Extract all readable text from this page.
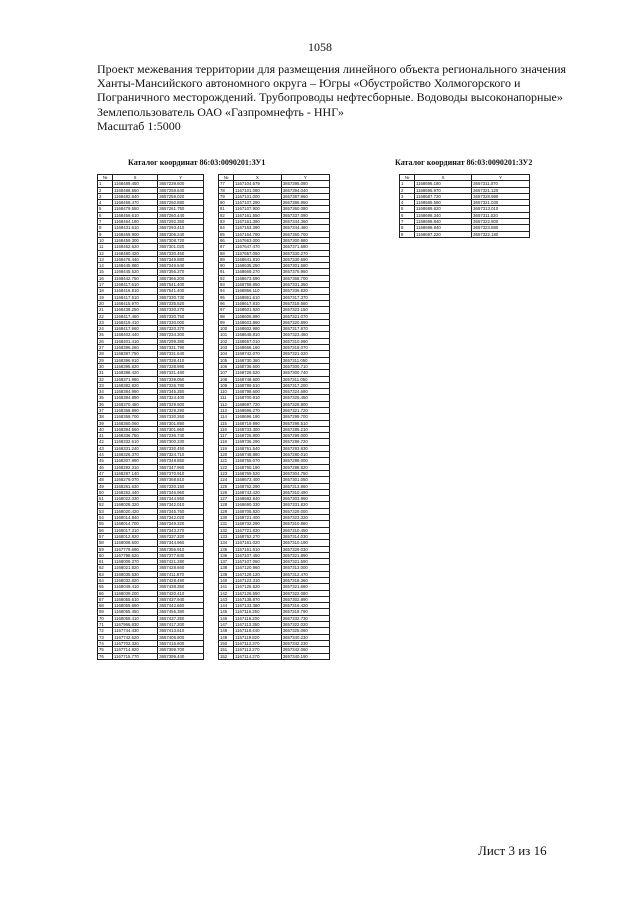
1058
Проект межевания территории для размещения линейного объекта регионального значения
Ханты-Мансийского автономного округа – Югры «Обустройство Холмогорского и
Пограничного месторождений. Трубопроводы нефтесборные. Водоводы высоконапорные»
Землепользователь ОАО «Газпромнефть - ННГ»
Масштаб 1:5000
Каталог координат 86:03:0090201:ЗУ1	Каталог координат 86:03:0090201:ЗУ2
№	X	Y
1	1168489.450	3657239.600
2	1168488.550	3657258.640
3	1168482.840	3657259.020
4	1168458.470	3657260.880
5	1168479.550	3657261.750
6	1168459.610	3657260.440
7	1168464.180	3657292.350
8	1168431.610	3657293.410
9	1168459.900	3657306.240
10	1168459.300	3657308.720
11	1168452.620	3657301.020
12	1168480.420	3657330.450
13	1168476.440	3657349.880
14	1168445.880	3657346.540
15	1168445.520	3657356.370
16	1168442.750	3657366.200
17	1168417.610	3657541.400
18	1168416.810	3657541.400
19	1168417.510	3657330.730
20	1168415.970	3657335.520
21	1168438.250	3657330.270
22	1168417.450	3657330.750
23	1168419.410	3657330.000
24	1168417.660	3657320.370
25	1168402.440	3657234.300
26	1168401.410	3657299.380
27	1168396.260	3657331.790
28	1168397.750	3657331.640
29	1168396.910	3657338.410
30	1168395.820	3657338.990
31	1168398.420	3657331.480
32	1168371.980	3657339.050
33	1168382.820	3657326.780
34	1168384.990	3657345.350
35	1168384.890	3657324.400
36	1168370.450	3657329.500
37	1168368.890	3657329.290
38	1168359.700	3657330.260
39	1168360.060	3657301.890
40	1168394.560	3657301.960
41	1168336.750	3657236.740
42	1168332.610	3657300.330
43	1168331.240	3657330.450
44	1168326.370	3657324.710
45	1168307.990	3657348.850
46	1168292.310	3657347.960
47	1168287.140	3657370.910
48	1168276.070	3657368.810
49	1168261.630	3657330.150
50	1168252.440	3657346.960
51	1168022.330	3657344.950
52	1168028.320	3657342.010
53	1168020.420	3657345.760
54	1168014.840	3657342.020
55	1168014.700	3657349.320
56	1168017.310	3657343.270
57	1168012.820	3657337.320
58	1168008.600	3657344.960
59	1167779.690	3657356.910
60	1167798.620	3657377.840
61	1168009.370	3657421.280
62	1168021.820	3657428.660
63	1168035.530	3657411.870
64	1168032.820	3657428.490
65	1168049.410	3657438.350
66	1168039.200	3657420.410
67	1168055.610	3657437.940
68	1168055.660	3657442.660
69	1168055.450	3657456.380
70	1168058.410	3657437.350
71	1167966.830	3657417.200
72	1167744.430	3657413.610
73	1167742.620	3657406.900
74	1167702.320	3657416.600
75	1167714.820	3657399.700
76	1167715.770	3657399.440
№	X	Y
77	1167104.679	3657395.080
78	1167101.080	3657394.040
79	1167101.000	3657387.960
80	1167107.290	3657386.950
81	1167107.900	3657360.080
82	1167161.550	3657337.090
83	1167161.390	3657344.360
84	1167163.390	3657344.480
85	1167164.780	3657360.700
86	1167663.000	3657300.980
87	1167647.470	3657371.580
88	1167657.050	3657330.270
89	1168641.810	3657330.690
90	1168635.250	3657301.580
91	1168669.270	3657375.960
92	1168673.590	3657368.700
93	1168758.850	3657331.350
94	1168856.110	3657336.820
95	1168861.610	3657317.370
96	1168617.810	3657318.560
97	1168601.920	3657323.150
98	1168606.890	3657321.070
99	1168603.860	3657320.890
100	1168602.980	3657317.970
101	1168648.810	3657323.460
102	1168657.010	3657310.990
103	1168666.160	3657318.070
104	1168742.070	3657321.020
105	1168730.360	3657311.050
106	1168736.600	3657300.710
107	1168728.520	3657300.740
108	1168748.600	3657311.050
109	1168789.510	3657317.200
110	1168798.600	3657324.690
111	1168700.910	3657326.450
112	1168697.720	3657328.800
113	1168696.270	3657321.720
114	1168696.190	3657299.700
115	1168719.990	3657298.510
116	1168733.300	3657285.210
117	1168725.900	3657299.000
118	1168736.290	3657299.720
119	1168761.540	3657293.830
120	1168748.880	3657280.010
121	1168755.070	3657288.000
122	1168760.190	3657288.820
123	1168769.520	3657304.750
124	1168673.400	3657301.050
125	1168762.290	3657313.960
126	1168743.420	3657310.490
127	1168682.840	3657303.960
128	1168690.330	3657331.820
129	1168705.820	3657329.000
130	1168721.400	3657323.320
131	1168732.290	3657310.880
132	1167721.830	3657310.450
133	1168762.270	3657314.030
134	1167161.020	3657310.190
135	1167161.610	3657329.030
136	1167107.450	3657321.890
137	1167107.060	3657321.590
138	1167120.960	3657313.000
139	1167129.120	3657312.470
140	1167123.310	3657318.360
141	1167125.520	3657321.680
142	1167126.550	3657322.080
143	1167138.870	3657302.890
144	1167133.380	3657316.420
145	1167116.250	3657318.790
146	1167116.200	3657332.730
147	1167113.350	3657322.020
148	1167118.440	3657325.060
149	1167119.820	3657340.230
150	1167113.370	3657342.230
151	1167113.270	3657342.060
152	1167114.270	3657340.190
№	X	Y
1	1168696.180	3657311.070
2	1168695.970	3657321.120
3	1168687.720	3657328.990
4	1168685.590	3657321.030
5	1168688.620	3657313.010
6	1168698.340	3657311.020
7	1168698.840	3657322.800
8	1168698.840	3657323.880
9	1168697.220	3657322.180
Лист 3 из 16
